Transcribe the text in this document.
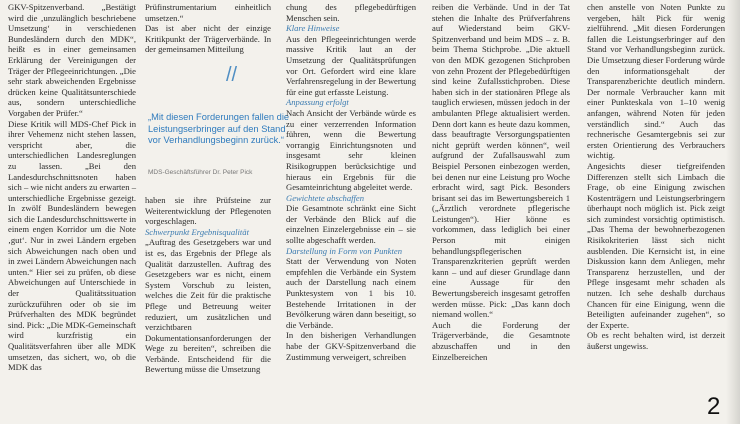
GKV-Spitzenverband. „Bestätigt wird die ‚unzulänglich beschriebene Umsetzung‘ in verschiedenen Bundesländern durch den MDK“, heißt es in einer gemeinsamen Erklärung der Vereinigungen der Träger der Pflegeeinrichtungen. „Die sehr stark abweichenden Ergebnisse drücken keine Qualitätsunterschiede aus, sondern unterschiedliche Vorgaben der Prüfer.“

Diese Kritik will MDS-Chef Pick in ihrer Vehemenz nicht stehen lassen, verspricht aber, die unterschiedlichen Landesreglungen zu lassen. „Bei den Landesdurchschnittsnoten haben sich – wie nicht anders zu erwarten – unterschiedliche Ergebnisse gezeigt. In zwölf Bundesländern bewegen sich die Landesdurchschnittswerte in einem engen Korridor um die Note ‚gut‘. Nur in zwei Ländern ergeben sich Abweichungen nach oben und in zwei Ländern Abweichungen nach unten.“ Hier sei zu prüfen, ob diese Abweichungen auf Unterschiede in der Qualitätssituation zurückzuführen oder ob sie im Prüfverhalten des MDK begründet sind. Pick: „Die MDK-Gemeinschaft wird kurzfristig ein Qualitätsverfahren über alle MDK umsetzen, das sichert, wo, ob die MDK das

Prüfinstrumentarium einheitlich umsetzen.“

Das ist aber nicht der einzige Kritikpunkt der Trägerverbände. In der gemeinsamen Mitteilung

haben sie ihre Prüfsteine zur Weiterentwicklung der Pflegenoten vorgeschlagen.

Schwerpunkt Ergebnisqualität

„Auftrag des Gesetzgebers war und ist es, das Ergebnis der Pflege als Qualität darzustellen. Auftrag des Gesetzgebers war es nicht, einem System Vorschub zu leisten, welches die Zeit für die praktische Pflege und Betreuung weiter reduziert, um zusätzlichen und verzichtbaren Dokumentationsanforderungen der Wege zu bereiten“, schreiben die Verbände. Entscheidend für die Bewertung müsse die Umsetzung

//
„Mit diesen Forderungen fallen die Leistungserbringer auf den Stand vor Verhandlungsbeginn zurück.“
MDS-Geschäftsführer Dr. Peter Pick

chung des pflegebedürftigen Menschen sein.

Klare Hinweise

Aus den Pflegeeinrichtungen werde massive Kritik laut an der Umsetzung der Qualitätsprüfungen vor Ort. Gefordert wird eine klare Verfahrensregelung in der Bewertung für eine gut erfasste Leistung.

Anpassung erfolgt

Nach Ansicht der Verbände würde es zu einer verzerrenden Information führen, wenn die Bewertung vorrangig Einrichtungsnoten und insgesamt sehr kleinen Risikogruppen berücksichtige und hieraus ein Ergebnis für die Gesamteinrichtung abgeleitet werde.

Gewichtete abschaffen

Die Gesamtnote schränkt eine Sicht der Verbände den Blick auf die einzelnen Einzelergebnisse ein – sie sollte abgeschafft werden.

Darstellung in Form von Punkten

Statt der Verwendung von Noten empfehlen die Verbände ein System auch der Darstellung nach einem Punktesystem von 1 bis 10. Bestehende Irritationen in der Bevölkerung wären dann beseitigt, so die Verbände.

In den bisherigen Verhandlungen habe der GKV-Spitzenverband die Zustimmung verweigert, schreiben

reiben die Verbände. Und in der Tat stehen die Inhalte des Prüfverfahrens auf Wiederstand beim GKV-Spitzenverband und beim MDS – z. B. beim Thema Stichprobe. „Die aktuell von den MDK gezogenen Stichproben von zehn Prozent der Pflegebedürftigen sind keine Zufallsstichproben. Diese haben sich in der stationären Pflege als tauglich erwiesen, müssen jedoch in der ambulanten Pflege aktualisiert werden. Denn dort kann es heute dazu kommen, dass beauftragte Versorgungspatienten nicht geprüft werden können“, weil aufgrund der Zufallsauswahl zum Beispiel Personen einbezogen werden, bei denen nur eine Leistung pro Woche erbracht wird, sagt Pick. Besonders brisant sei das im Bewertungsbereich 1 („Ärztlich verordnete pflegerische Leistungen“). Hier könne es vorkommen, dass lediglich bei einer Person mit einigen behandlungspflegerischen Transparenzkriterien geprüft werden kann – und auf dieser Grundlage dann eine Aussage für den Bewertungsbereich insgesamt getroffen werden müsse. Pick: „Das kann doch niemand wollen.“

Auch die Forderung der Trägerverbände, die Gesamtnote abzuschaffen und in den Einzelbereichen

chen anstelle von Noten Punkte zu vergeben, hält Pick für wenig zielführend. „Mit diesen Forderungen fallen die Leistungserbringer auf den Stand vor Verhandlungsbeginn zurück. Die Umsetzung dieser Forderung würde den informationsgehalt der Transparenzberichte deutlich mindern. Der normale Verbraucher kann mit einer Punkteskala von 1–10 wenig anfangen, während Noten für jeden verständlich sind.“ Auch das rechnerische Gesamtergebnis sei zur ersten Orientierung des Verbrauchers wichtig.

Angesichts dieser tiefgreifenden Differenzen stellt sich Limbach die Frage, ob eine Einigung zwischen Kostenträgern und Leistungserbringern überhaupt noch möglich ist. Pick zeigt sich zumindest vorsichtig optimistisch. „Das Thema der bewohnerbezogenen Risikokriterien lässt sich nicht ausblenden. Die Kernsicht ist, in eine Diskussion kann dem Anliegen, mehr Transparenz herzustellen, und der Pflege insgesamt mehr schaden als nutzen. Ich sehe deshalb durchaus Chancen für eine Einigung, wenn die Beteiligten aufeinander zugehen“, so der Experte.

Ob es recht behalten wird, ist derzeit äußerst ungewiss.

2
